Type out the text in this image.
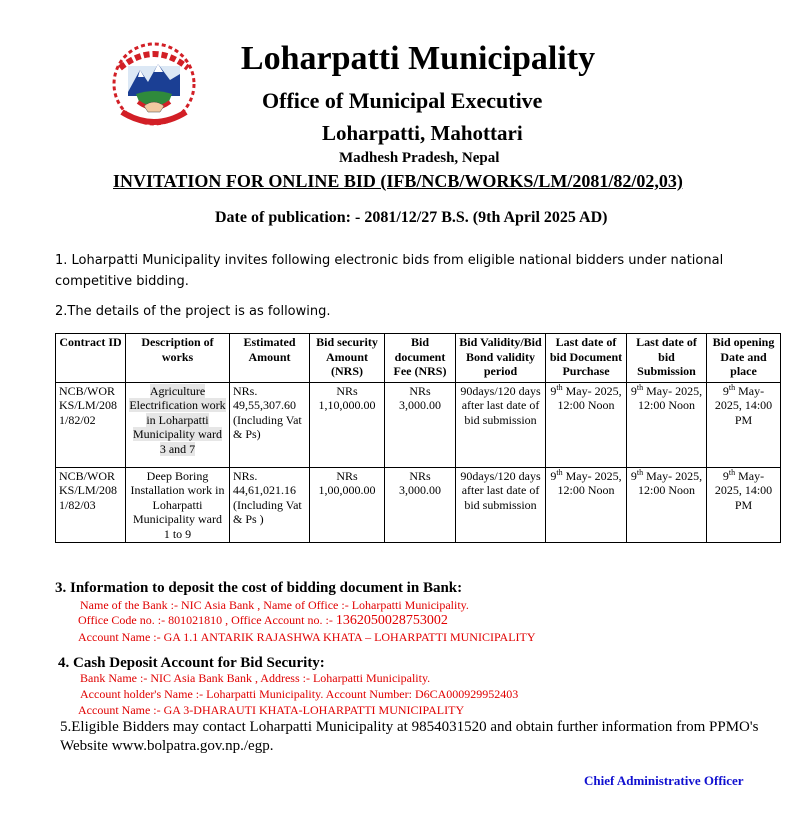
Loharpatti Municipality
Office of Municipal Executive
Loharpatti, Mahottari
Madhesh Pradesh, Nepal
INVITATION FOR ONLINE BID (IFB/NCB/WORKS/LM/2081/82/02,03)
Date of publication: - 2081/12/27 B.S. (9th April 2025 AD)
1. Loharpatti Municipality invites following electronic bids from eligible national bidders under national competitive bidding.
2.The details of the project is as following.
Contract ID	Description of works	Estimated Amount	Bid security Amount (NRS)	Bid document Fee (NRS)	Bid Validity/Bid Bond validity period	Last date of bid Document Purchase	Last date of bid Submission	Bid opening Date and place
NCB/WORKS/LM/2081/82/02	Agriculture Electrification work in Loharpatti Municipality ward 3 and 7	NRs. 49,55,307.60 (Including Vat & Ps)	NRs 1,10,000.00	NRs 3,000.00	90days/120 days after last date of bid submission	9th May- 2025, 12:00 Noon	9th May- 2025, 12:00 Noon	9th May- 2025, 14:00 PM
NCB/WORKS/LM/2081/82/03	Deep Boring Installation work in Loharpatti Municipality ward 1 to 9	NRs. 44,61,021.16 (Including Vat & Ps )	NRs 1,00,000.00	NRs 3,000.00	90days/120 days after last date of bid submission	9th May- 2025, 12:00 Noon	9th May- 2025, 12:00 Noon	9th May- 2025, 14:00 PM
3. Information to deposit the cost of bidding document in Bank:
Name of the Bank :- NIC Asia Bank , Name of Office :- Loharpatti Municipality.
Office Code no. :- 801021810 , Office Account no. :- 1362050028753002
Account Name :- GA 1.1 ANTARIK RAJASHWA KHATA – LOHARPATTI MUNICIPALITY
4. Cash Deposit Account for Bid Security:
Bank Name :- NIC Asia Bank Bank , Address :- Loharpatti Municipality.
Account holder's Name :- Loharpatti Municipality. Account Number: D6CA000929952403
Account Name :- GA 3-DHARAUTI KHATA-LOHARPATTI MUNICIPALITY
5.Eligible Bidders may contact Loharpatti Municipality at 9854031520 and obtain further information from PPMO's Website www.bolpatra.gov.np./egp.
Chief Administrative Officer
